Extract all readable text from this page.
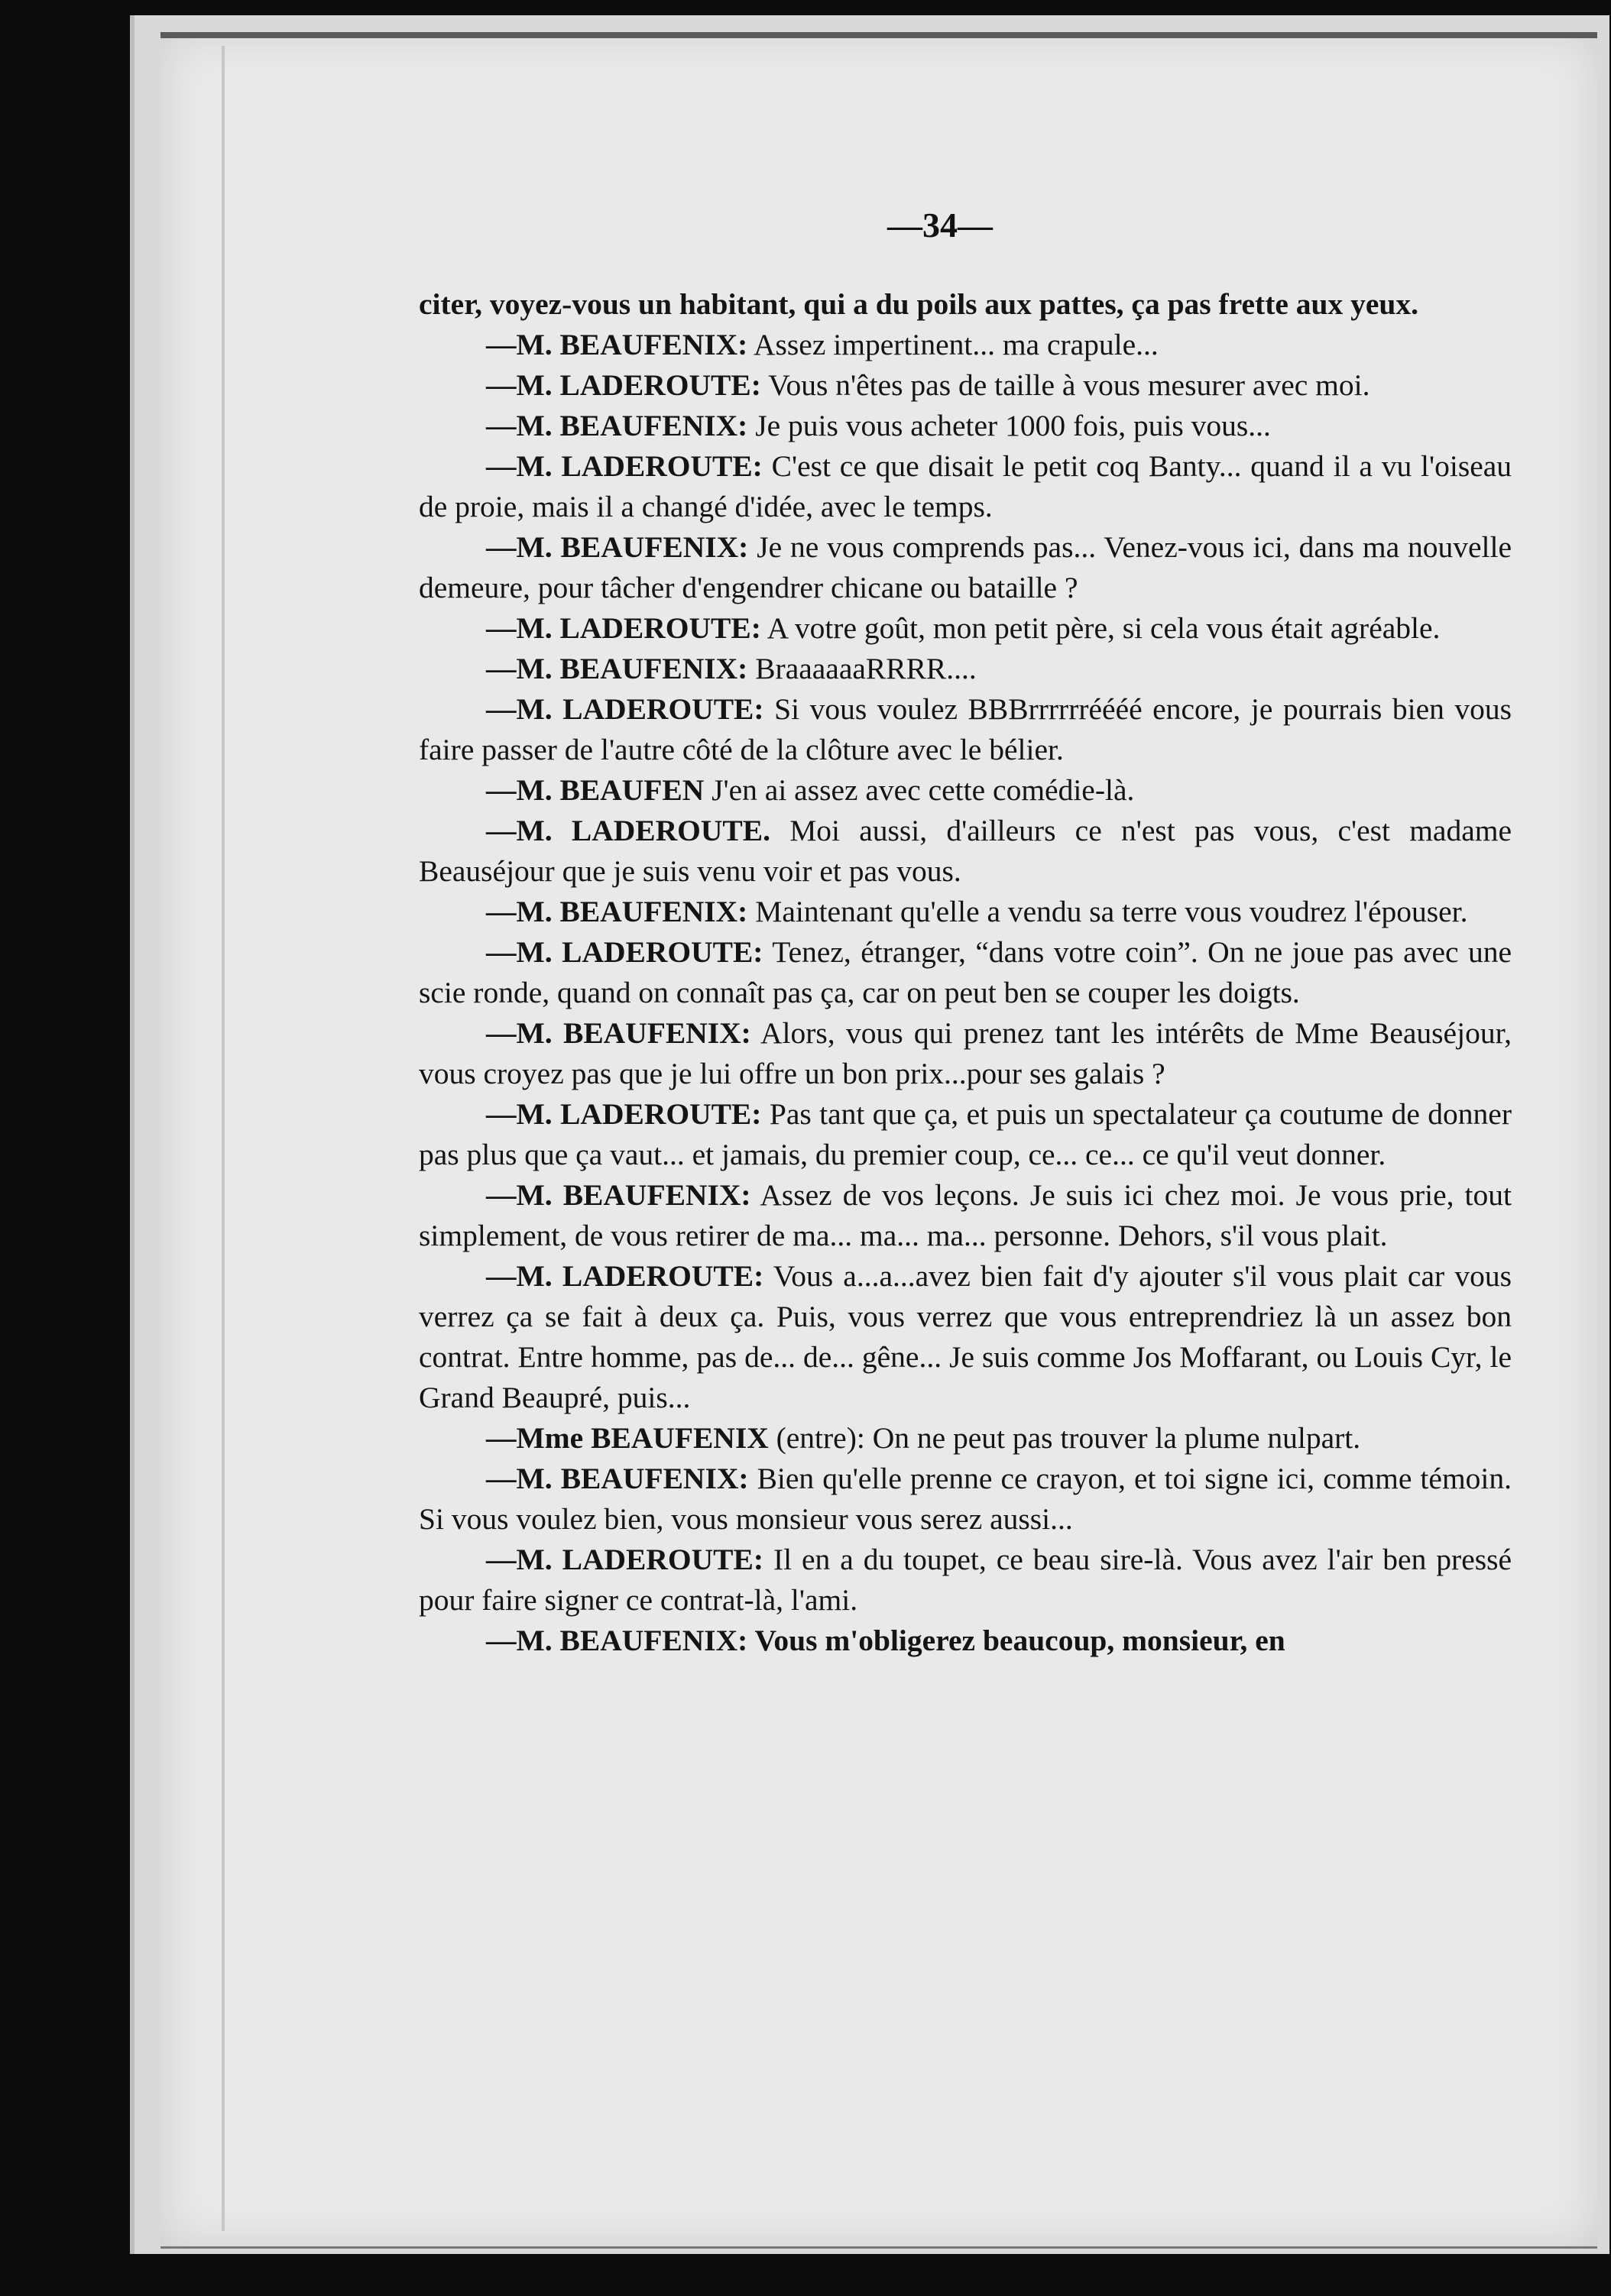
—34—

citer, voyez-vous un habitant, qui a du poils aux pattes, ça pas frette aux yeux.

—M. BEAUFENIX: Assez impertinent... ma crapule...

—M. LADEROUTE: Vous n'êtes pas de taille à vous mesurer avec moi.

—M. BEAUFENIX: Je puis vous acheter 1000 fois, puis vous...

—M. LADEROUTE: C'est ce que disait le petit coq Banty... quand il a vu l'oiseau de proie, mais il a changé d'idée, avec le temps.

—M. BEAUFENIX: Je ne vous comprends pas... Venez-vous ici, dans ma nouvelle demeure, pour tâcher d'engendrer chicane ou bataille ?

—M. LADEROUTE: A votre goût, mon petit père, si cela vous était agréable.

—M. BEAUFENIX: BraaaaaaRRRR....

—M. LADEROUTE: Si vous voulez BBBrrrrrréééé encore, je pourrais bien vous faire passer de l'autre côté de la clôture avec le bélier.

—M. BEAUFEN J'en ai assez avec cette comédie-là.

—M. LADEROUTE. Moi aussi, d'ailleurs ce n'est pas vous, c'est madame Beauséjour que je suis venu voir et pas vous.

—M. BEAUFENIX: Maintenant qu'elle a vendu sa terre vous voudrez l'épouser.

—M. LADEROUTE: Tenez, étranger, “dans votre coin”. On ne joue pas avec une scie ronde, quand on connaît pas ça, car on peut ben se couper les doigts.

—M. BEAUFENIX: Alors, vous qui prenez tant les intérêts de Mme Beauséjour, vous croyez pas que je lui offre un bon prix...pour ses galais ?

—M. LADEROUTE: Pas tant que ça, et puis un spectalateur ça coutume de donner pas plus que ça vaut... et jamais, du premier coup, ce... ce... ce qu'il veut donner.

—M. BEAUFENIX: Assez de vos leçons. Je suis ici chez moi. Je vous prie, tout simplement, de vous retirer de ma... ma... ma... personne. Dehors, s'il vous plait.

—M. LADEROUTE: Vous a...a...avez bien fait d'y ajouter s'il vous plait car vous verrez ça se fait à deux ça. Puis, vous verrez que vous entreprendriez là un assez bon contrat. Entre homme, pas de... de... gêne... Je suis comme Jos Moffarant, ou Louis Cyr, le Grand Beaupré, puis...

—Mme BEAUFENIX (entre): On ne peut pas trouver la plume nulpart.

—M. BEAUFENIX: Bien qu'elle prenne ce crayon, et toi signe ici, comme témoin. Si vous voulez bien, vous monsieur vous serez aussi...

—M. LADEROUTE: Il en a du toupet, ce beau sire-là. Vous avez l'air ben pressé pour faire signer ce contrat-là, l'ami.

—M. BEAUFENIX: Vous m'obligerez beaucoup, monsieur, en
